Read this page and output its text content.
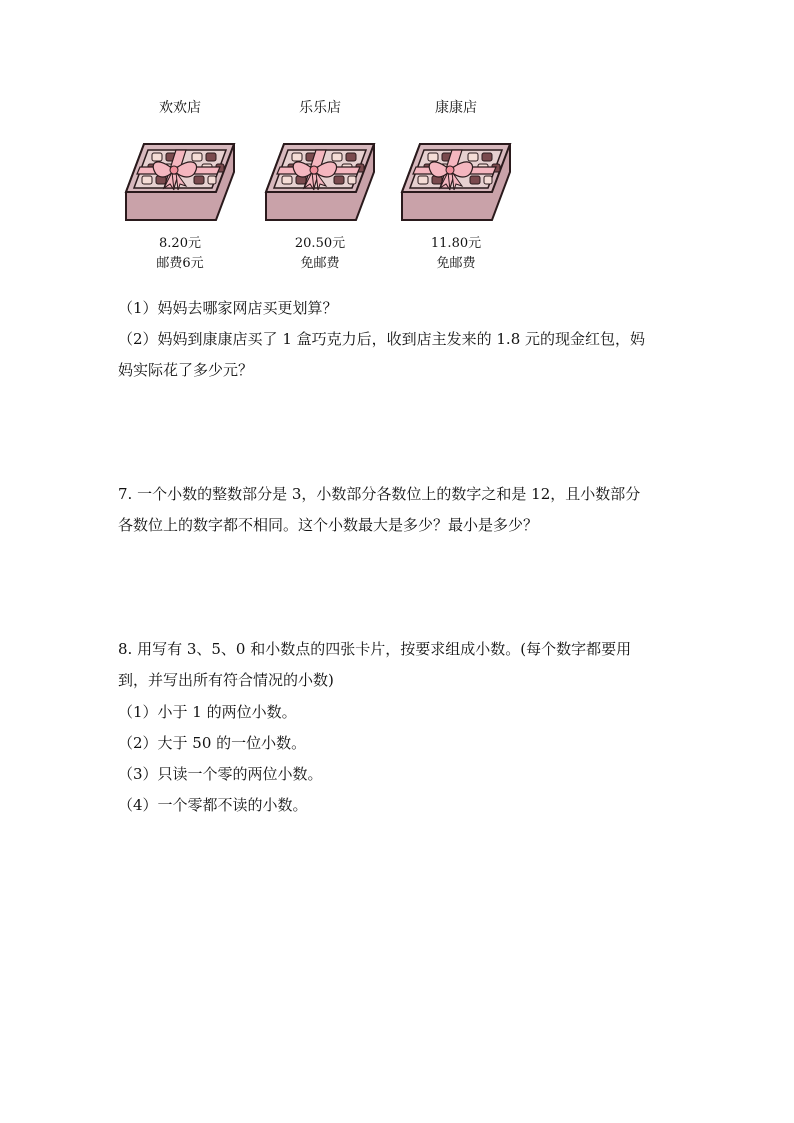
欢欢店
8.20元
邮费6元
乐乐店
20.50元
免邮费
康康店
11.80元
免邮费
（1）妈妈去哪家网店买更划算？
（2）妈妈到康康店买了 1 盒巧克力后，收到店主发来的 1.8 元的现金红包，妈
妈实际花了多少元？
7. 一个小数的整数部分是 3，小数部分各数位上的数字之和是 12，且小数部分
各数位上的数字都不相同。这个小数最大是多少？最小是多少？
8. 用写有 3、5、0 和小数点的四张卡片，按要求组成小数。(每个数字都要用
到，并写出所有符合情况的小数)
（1）小于 1 的两位小数。
（2）大于 50 的一位小数。
（3）只读一个零的两位小数。
（4）一个零都不读的小数。
